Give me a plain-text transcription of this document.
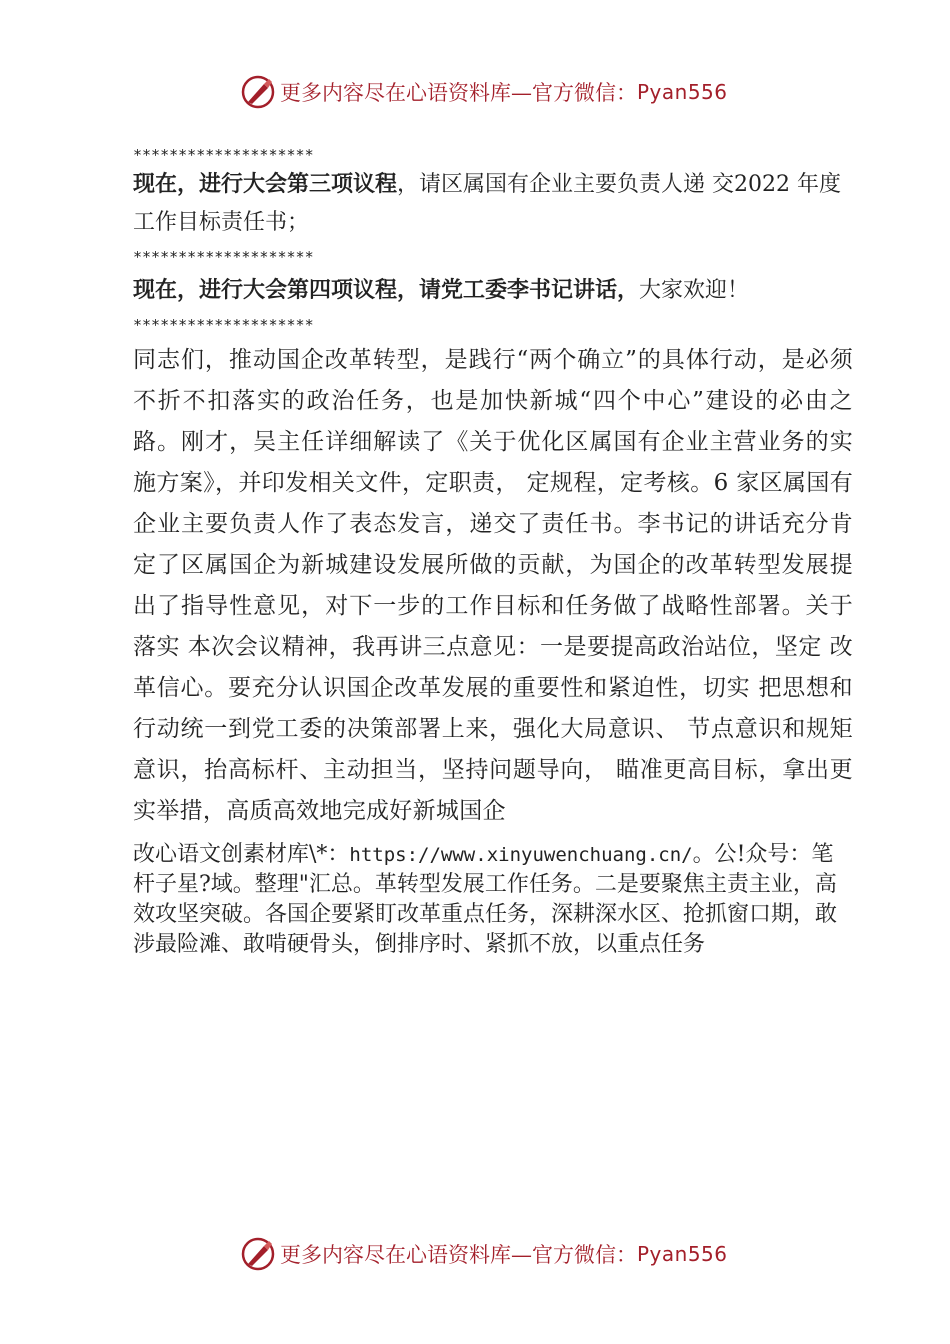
更多内容尽在心语资料库—官方微信： Pyan556

********************

现在，进行大会第三项议程，请区属国有企业主要负责人递 交2022 年度工作目标责任书；

********************

现在，进行大会第四项议程，请党工委李书记讲话，大家欢迎！

********************

同志们，推动国企改革转型，是践行“两个确立”的具体行动，是必须不折不扣落实的政治任务，也是加快新城“四个中心”建设的必由之路。刚才，吴主任详细解读了《关于优化区属国有企业主营业务的实施方案》，并印发相关文件，定职责， 定规程，定考核。6 家区属国有企业主要负责人作了表态发言，递交了责任书。李书记的讲话充分肯定了区属国企为新城建设发展所做的贡献，为国企的改革转型发展提出了指导性意见，对下一步的工作目标和任务做了战略性部署。关于落实 本次会议精神，我再讲三点意见：一是要提高政治站位，坚定 改革信心。要充分认识国企改革发展的重要性和紧迫性，切实 把思想和行动统一到党工委的决策部署上来，强化大局意识、 节点意识和规矩意识，抬高标杆、主动担当，坚持问题导向， 瞄准更高目标，拿出更实举措，高质高效地完成好新城国企

改心语文创素材库\*：https://www.xinyuwenchuang.cn/。公!众号：笔杆子星?域。整理"汇总。革转型发展工作任务。二是要聚焦主责主业，高效攻坚突破。各国企要紧盯改革重点任务，深耕深水区、抢抓窗口期，敢涉最险滩、敢啃硬骨头，倒排序时、紧抓不放，以重点任务

更多内容尽在心语资料库—官方微信： Pyan556
